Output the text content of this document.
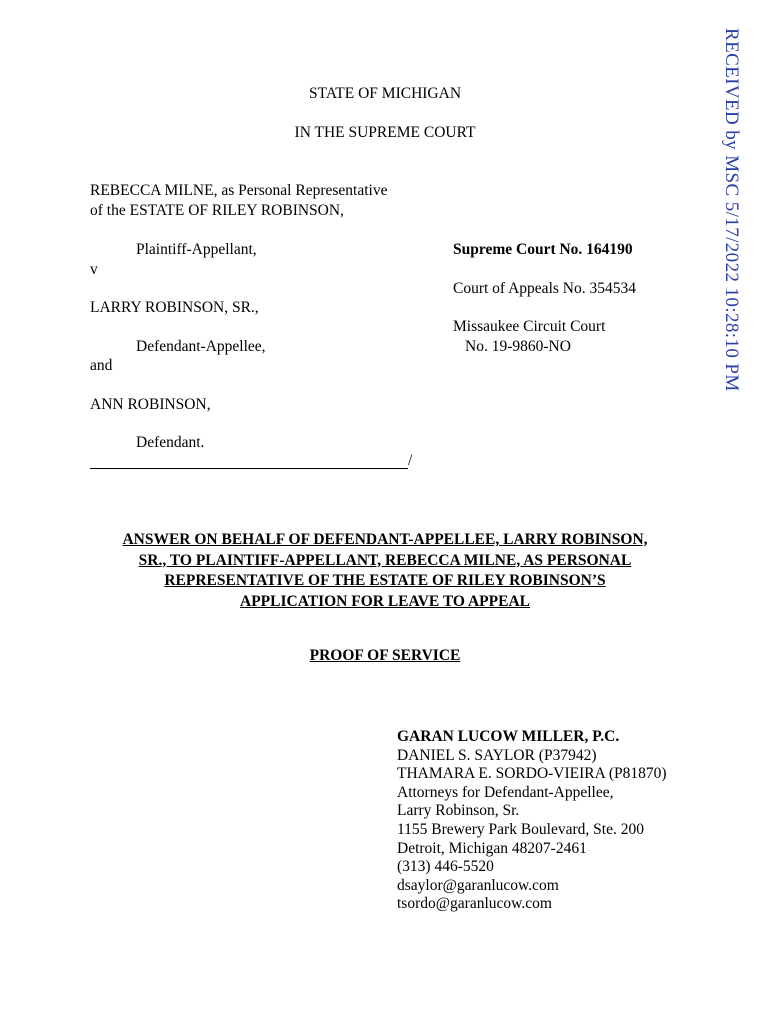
RECEIVED by MSC 5/17/2022 10:28:10 PM
STATE OF MICHIGAN
IN THE SUPREME COURT
REBECCA MILNE, as Personal Representative
of the ESTATE OF RILEY ROBINSON,
Plaintiff-Appellant,
v
LARRY ROBINSON, SR.,
Defendant-Appellee,
and
ANN ROBINSON,
Defendant.
/
Supreme Court No. 164190
Court of Appeals No. 354534
Missaukee Circuit Court
No. 19-9860-NO
ANSWER ON BEHALF OF DEFENDANT-APPELLEE, LARRY ROBINSON,
SR., TO PLAINTIFF-APPELLANT, REBECCA MILNE, AS PERSONAL
REPRESENTATIVE OF THE ESTATE OF RILEY ROBINSON’S
APPLICATION FOR LEAVE TO APPEAL
PROOF OF SERVICE
GARAN LUCOW MILLER, P.C.
DANIEL S. SAYLOR (P37942)
THAMARA E. SORDO-VIEIRA (P81870)
Attorneys for Defendant-Appellee,
Larry Robinson, Sr.
1155 Brewery Park Boulevard, Ste. 200
Detroit, Michigan 48207-2461
(313) 446-5520
dsaylor@garanlucow.com
tsordo@garanlucow.com
